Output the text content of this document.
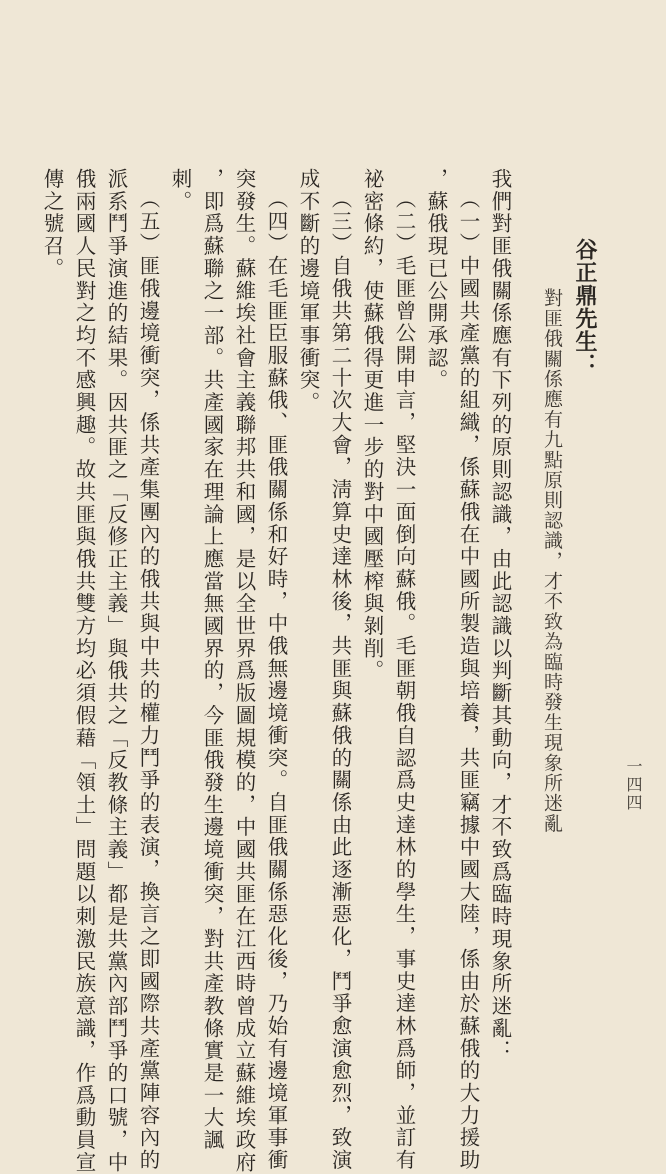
一四四
谷正鼎先生：
對匪俄關係應有九點原則認識，才不致為臨時發生現象所迷亂

我們對匪俄關係應有下列的原則認識，由此認識以判斷其動向，才不致爲臨時現象所迷亂：

（一）中國共產黨的組織，係蘇俄在中國所製造與培養，共匪竊據中國大陸，係由於蘇俄的大力援助

，蘇俄現已公開承認。

（二）毛匪曾公開申言，堅決一面倒向蘇俄。毛匪朝俄自認爲史達林的學生，事史達林爲師，並訂有

祕密條約，使蘇俄得更進一步的對中國壓榨與剝削。

（三）自俄共第二十次大會，淸算史達林後，共匪與蘇俄的關係由此逐漸惡化，鬥爭愈演愈烈，致演

成不斷的邊境軍事衝突。

（四）在毛匪臣服蘇俄、匪俄關係和好時，中俄無邊境衝突。自匪俄關係惡化後，乃始有邊境軍事衝

突發生。蘇維埃社會主義聯邦共和國，是以全世界爲版圖規模的，中國共匪在江西時曾成立蘇維埃政府

，即爲蘇聯之一部。共產國家在理論上應當無國界的，今匪俄發生邊境衝突，對共產教條實是一大諷

刺。

（五）匪俄邊境衝突，係共產集團內的俄共與中共的權力鬥爭的表演，換言之即國際共產黨陣容內的

派系鬥爭演進的結果。因共匪之「反修正主義」與俄共之「反教條主義」都是共黨內部鬥爭的口號，中

俄兩國人民對之均不感興趣。故共匪與俄共雙方均必須假藉「領土」問題以刺激民族意識，作爲動員宣

傳之號召。
